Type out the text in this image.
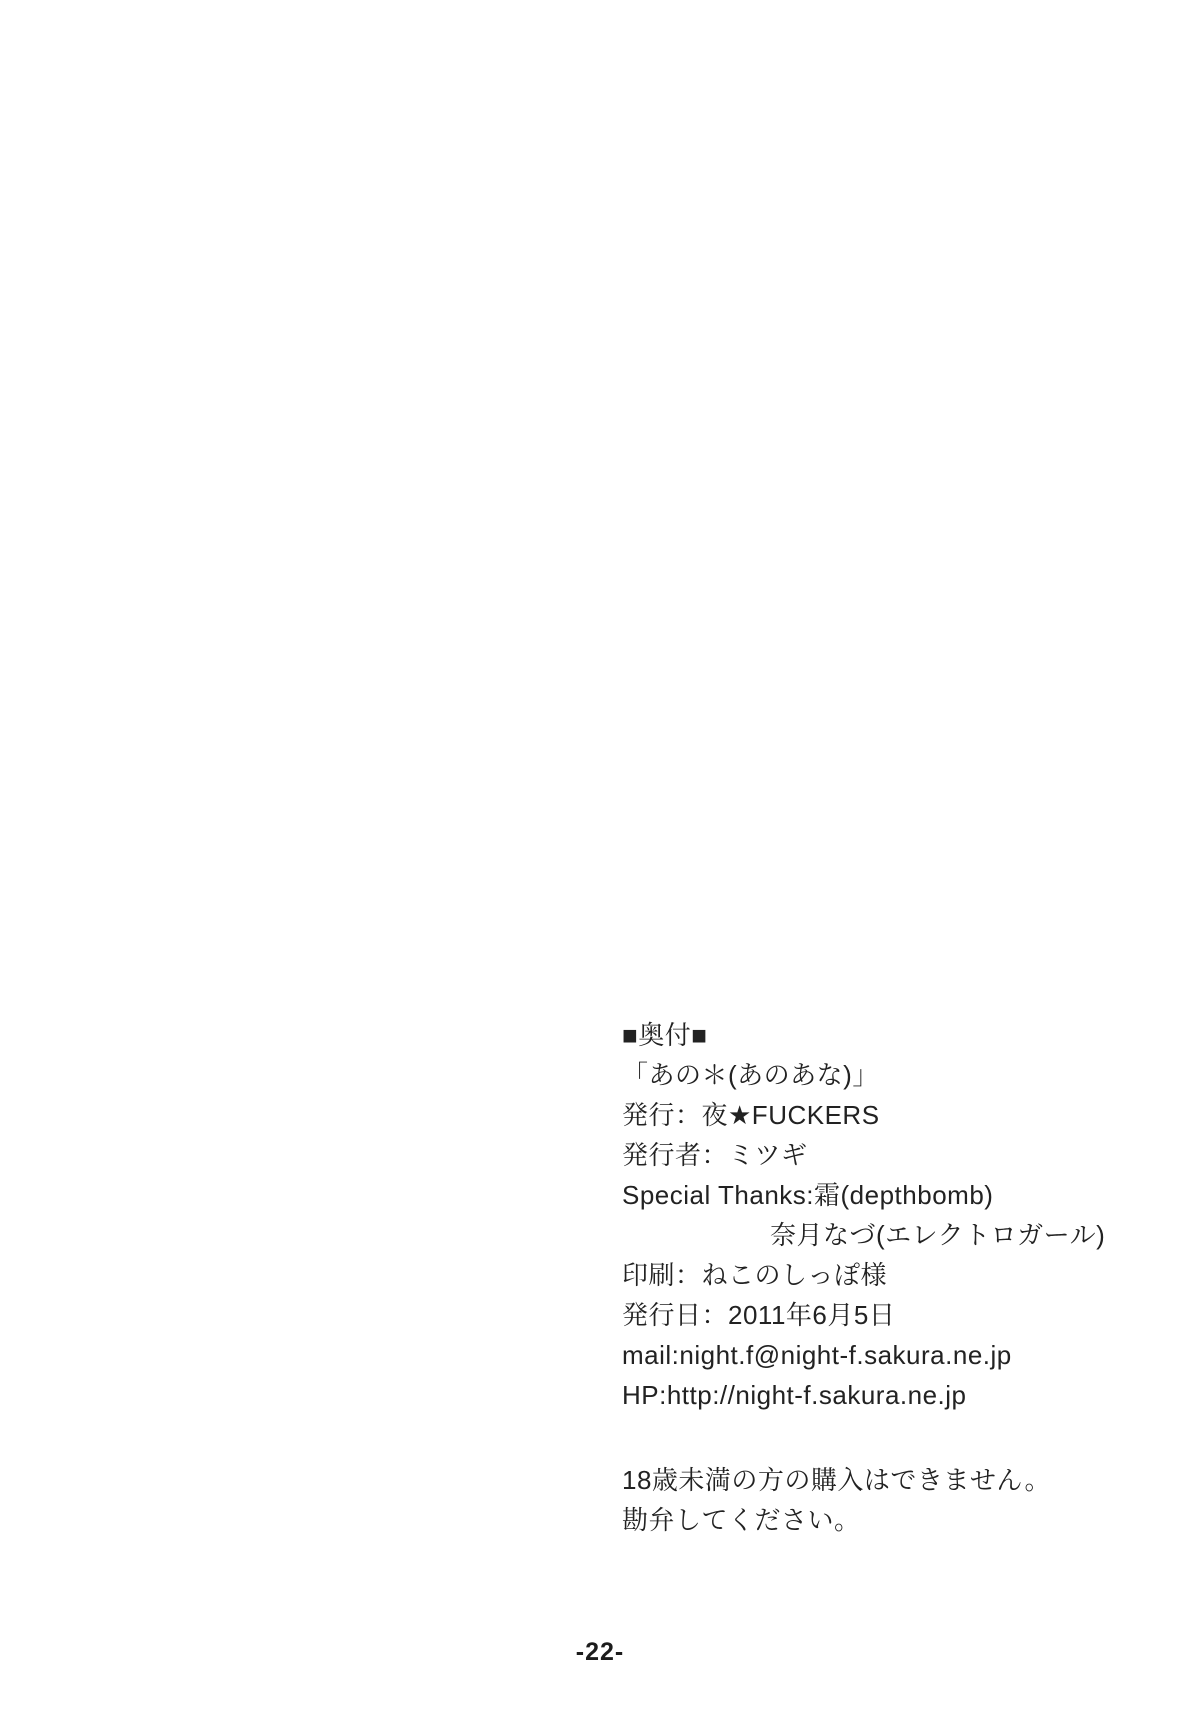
■奥付■
「あの＊(あのあな)」
発行：夜★FUCKERS
発行者：ミツギ
Special Thanks:霜(depthbomb)
奈月なづ(エレクトロガール)
印刷：ねこのしっぽ様
発行日：2011年6月5日
mail:night.f@night-f.sakura.ne.jp
HP:http://night-f.sakura.ne.jp
18歳未満の方の購入はできません。
勘弁してください。
-22-
